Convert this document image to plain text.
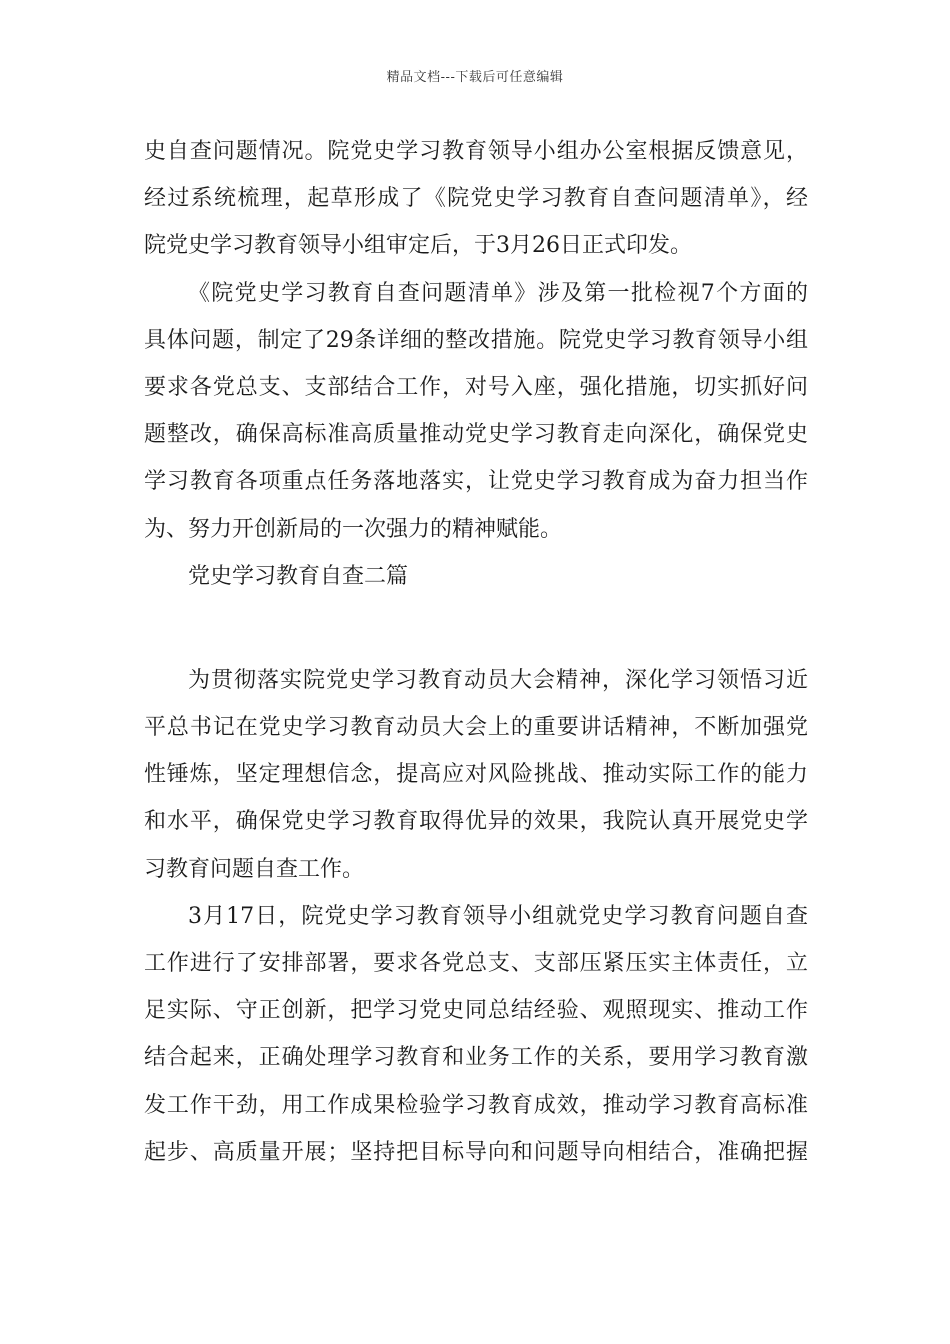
精品文档---下载后可任意编辑
史自查问题情况。院党史学习教育领导小组办公室根据反馈意见，
经过系统梳理，起草形成了《院党史学习教育自查问题清单》，经
院党史学习教育领导小组审定后，于3月26日正式印发。
《院党史学习教育自查问题清单》涉及第一批检视7个方面的
具体问题，制定了29条详细的整改措施。院党史学习教育领导小组
要求各党总支、支部结合工作，对号入座，强化措施，切实抓好问
题整改，确保高标准高质量推动党史学习教育走向深化，确保党史
学习教育各项重点任务落地落实，让党史学习教育成为奋力担当作
为、努力开创新局的一次强力的精神赋能。
党史学习教育自查二篇
为贯彻落实院党史学习教育动员大会精神，深化学习领悟习近
平总书记在党史学习教育动员大会上的重要讲话精神，不断加强党
性锤炼，坚定理想信念，提高应对风险挑战、推动实际工作的能力
和水平，确保党史学习教育取得优异的效果，我院认真开展党史学
习教育问题自查工作。
3月17日，院党史学习教育领导小组就党史学习教育问题自查
工作进行了安排部署，要求各党总支、支部压紧压实主体责任，立
足实际、守正创新，把学习党史同总结经验、观照现实、推动工作
结合起来，正确处理学习教育和业务工作的关系，要用学习教育激
发工作干劲，用工作成果检验学习教育成效，推动学习教育高标准
起步、高质量开展；坚持把目标导向和问题导向相结合，准确把握
